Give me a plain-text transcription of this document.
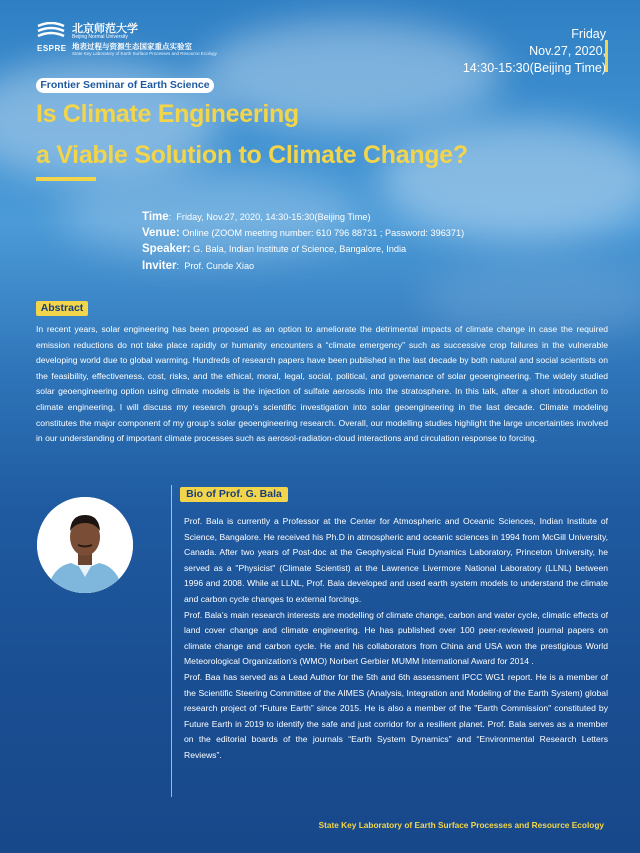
ESPRE
北京师范大学
Beijing Normal University
地表过程与资源生态国家重点实验室
State Key Laboratory of Earth Surface Processes and Resource Ecology
Friday
Nov.27, 2020,
14:30-15:30(Beijing Time)
Frontier Seminar of Earth Science
Is Climate Engineering
a Viable Solution to Climate Change?
Time:  Friday, Nov.27, 2020, 14:30-15:30(Beijing Time)
Venue: Online (ZOOM meeting number: 610 796 88731 ; Password: 396371)
Speaker: G. Bala, Indian Institute of Science, Bangalore, India
Inviter:  Prof. Cunde Xiao
Abstract
In recent years, solar engineering has been proposed as an option to ameliorate the detrimental impacts of climate change in case the required emission reductions do not take place rapidly or humanity encounters a “climate emergency” such as successive crop failures in the vulnerable developing world due to global warming. Hundreds of research papers have been published in the last decade by both natural and social scientists on the feasibility, effectiveness, cost, risks, and the ethical, moral, legal, social, political, and governance of solar geoengineering. The widely studied solar geoengineering option using climate models is the injection of sulfate aerosols into the stratosphere. In this talk, after a short introduction to climate engineering, I will discuss my research group’s scientific investigation into solar geoengineering in the last decade. Climate modeling constitutes the major component of my group’s solar geoengineering research. Overall, our modelling studies highlight the large uncertainties involved in our understanding of important climate processes such as aerosol-radiation-cloud interactions and circulation response to forcing.
Bio of Prof. G. Bala

Prof. Bala is currently a Professor at the Center for Atmospheric and Oceanic Sciences, Indian Institute of Science, Bangalore. He received his Ph.D in atmospheric and oceanic sciences in 1994 from McGill University, Canada. After two years of Post-doc at the Geophysical Fluid Dynamics Laboratory, Princeton University, he served as a "Physicist" (Climate Scientist) at the Lawrence Livermore National Laboratory (LLNL) between 1996 and 2008. While at LLNL, Prof. Bala developed and used earth system models to understand the climate and carbon cycle changes to external forcings.

Prof. Bala’s main research interests are modelling of climate change, carbon and water cycle, climatic effects of land cover change and climate engineering. He has published over 100 peer-reviewed journal papers on climate change and carbon cycle. He and his collaborators from China and USA won the prestigious World Meteorological Organization’s (WMO) Norbert Gerbier MUMM International Award for 2014 .

Prof. Baa has served as a Lead Author for the 5th and 6th assessment IPCC WG1 report. He is a member of the Scientific Steering Committee of the AIMES (Analysis, Integration and Modeling of the Earth System) global research project of “Future Earth” since 2015. He is also a member of the "Earth Commission" constituted by Future Earth in 2019 to identify the safe and just corridor for a resilient planet. Prof. Bala serves as a member on the editorial boards of the journals “Earth System Dynamics” and “Environmental Research Letters Reviews”.

State Key Laboratory of Earth Surface Processes and Resource Ecology
